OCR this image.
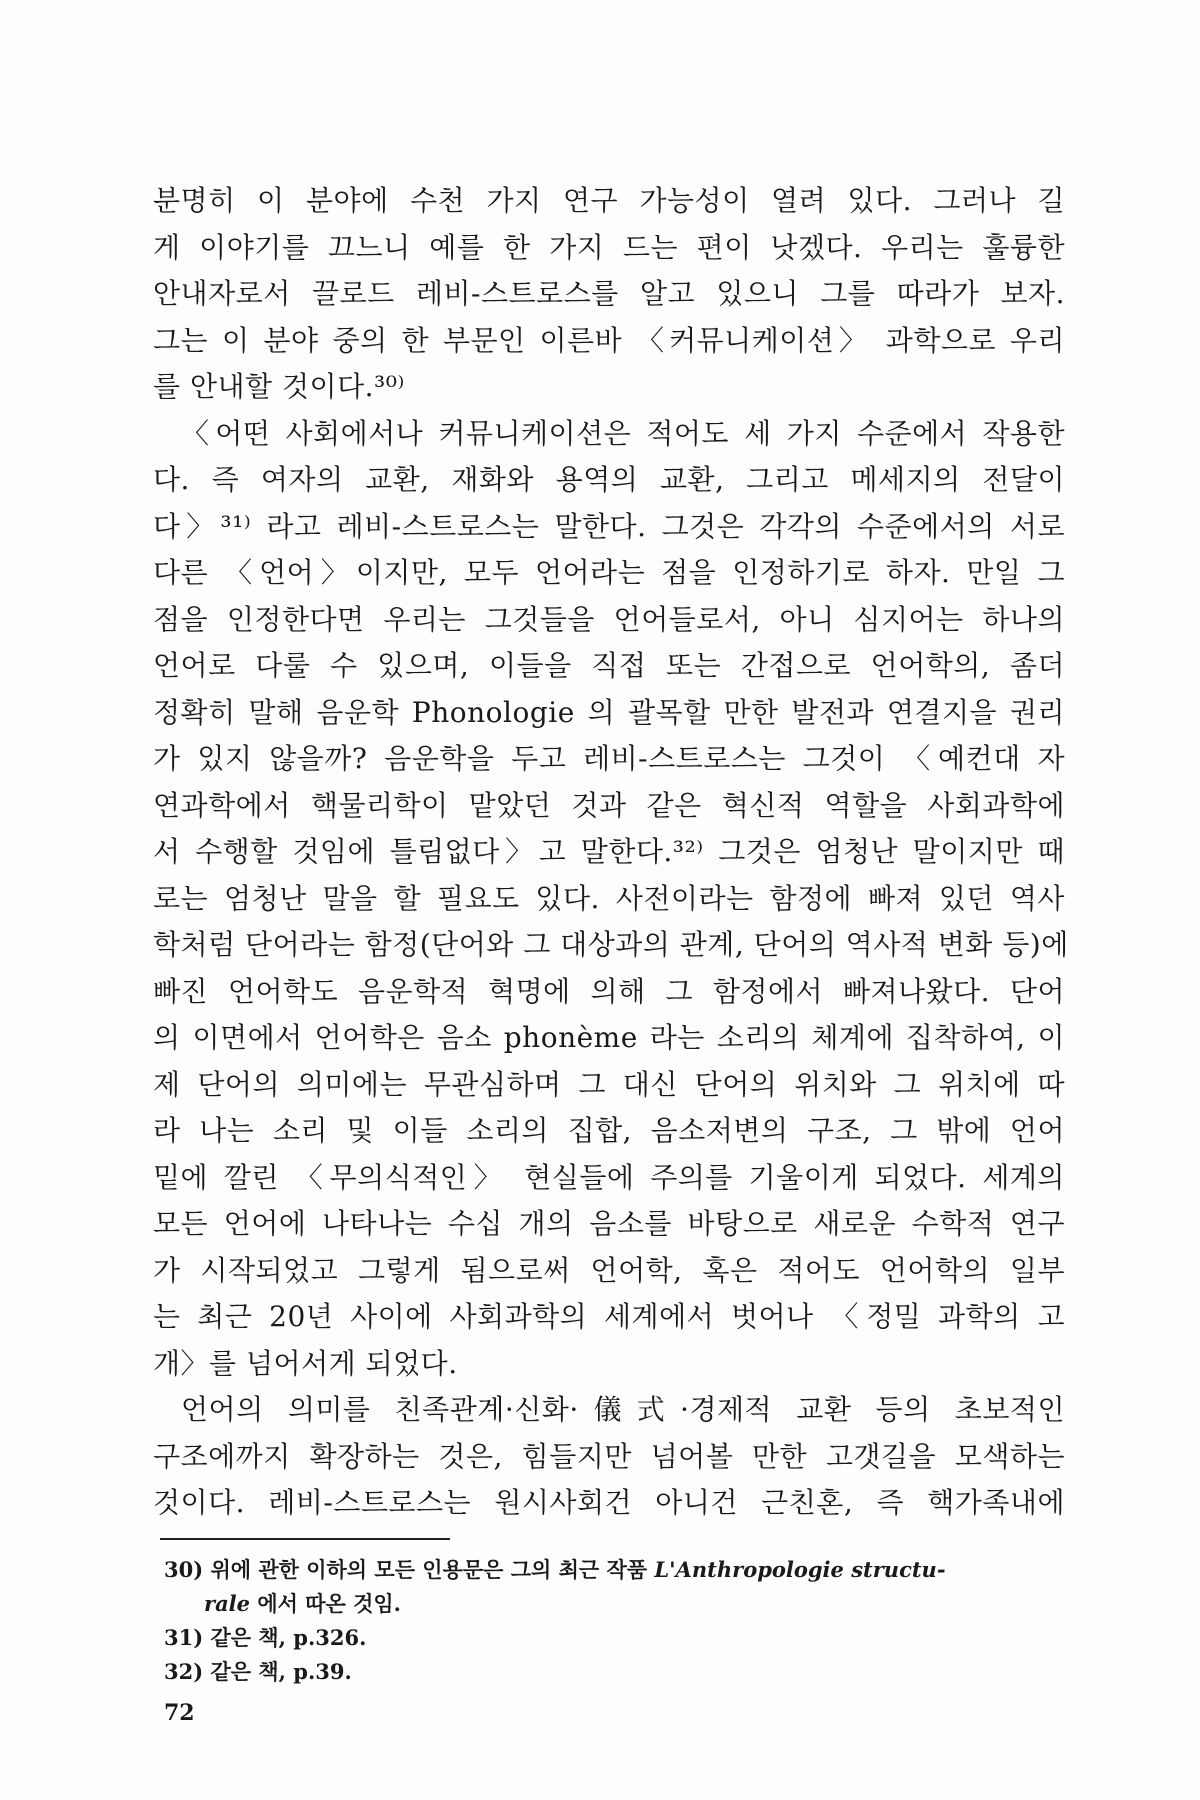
분명히 이 분야에 수천 가지 연구 가능성이 열려 있다. 그러나 길
게 이야기를 끄느니 예를 한 가지 드는 편이 낫겠다. 우리는 훌륭한
안내자로서 끌로드 레비-스트로스를 알고 있으니 그를 따라가 보자.
그는 이 분야 중의 한 부문인 이른바 〈커뮤니케이션〉 과학으로 우리
를 안내할 것이다.³⁰⁾
〈어떤 사회에서나 커뮤니케이션은 적어도 세 가지 수준에서 작용한
다. 즉 여자의 교환, 재화와 용역의 교환, 그리고 메세지의 전달이
다〉³¹⁾ 라고 레비-스트로스는 말한다. 그것은 각각의 수준에서의 서로
다른 〈언어〉이지만, 모두 언어라는 점을 인정하기로 하자. 만일 그
점을 인정한다면 우리는 그것들을 언어들로서, 아니 심지어는 하나의
언어로 다룰 수 있으며, 이들을 직접 또는 간접으로 언어학의, 좀더
정확히 말해 음운학 Phonologie 의 괄목할 만한 발전과 연결지을 권리
가 있지 않을까? 음운학을 두고 레비-스트로스는 그것이 〈예컨대 자
연과학에서 핵물리학이 맡았던 것과 같은 혁신적 역할을 사회과학에
서 수행할 것임에 틀림없다〉고 말한다.³²⁾ 그것은 엄청난 말이지만 때
로는 엄청난 말을 할 필요도 있다. 사전이라는 함정에 빠져 있던 역사
학처럼 단어라는 함정(단어와 그 대상과의 관계, 단어의 역사적 변화 등)에
빠진 언어학도 음운학적 혁명에 의해 그 함정에서 빠져나왔다. 단어
의 이면에서 언어학은 음소 phonème 라는 소리의 체계에 집착하여, 이
제 단어의 의미에는 무관심하며 그 대신 단어의 위치와 그 위치에 따
라 나는 소리 및 이들 소리의 집합, 음소저변의 구조, 그 밖에 언어
밑에 깔린 〈무의식적인〉 현실들에 주의를 기울이게 되었다. 세계의
모든 언어에 나타나는 수십 개의 음소를 바탕으로 새로운 수학적 연구
가 시작되었고 그렇게 됨으로써 언어학, 혹은 적어도 언어학의 일부
는 최근 20년 사이에 사회과학의 세계에서 벗어나 〈정밀 과학의 고
개〉를 넘어서게 되었다.
언어의 의미를 친족관계·신화·儀式·경제적 교환 등의 초보적인
구조에까지 확장하는 것은, 힘들지만 넘어볼 만한 고갯길을 모색하는
것이다. 레비-스트로스는 원시사회건 아니건 근친혼, 즉 핵가족내에
30) 위에 관한 이하의 모든 인용문은 그의 최근 작품 L'Anthropologie structu-
rale 에서 따온 것임.
31) 같은 책, p.326.
32) 같은 책, p.39.
72
